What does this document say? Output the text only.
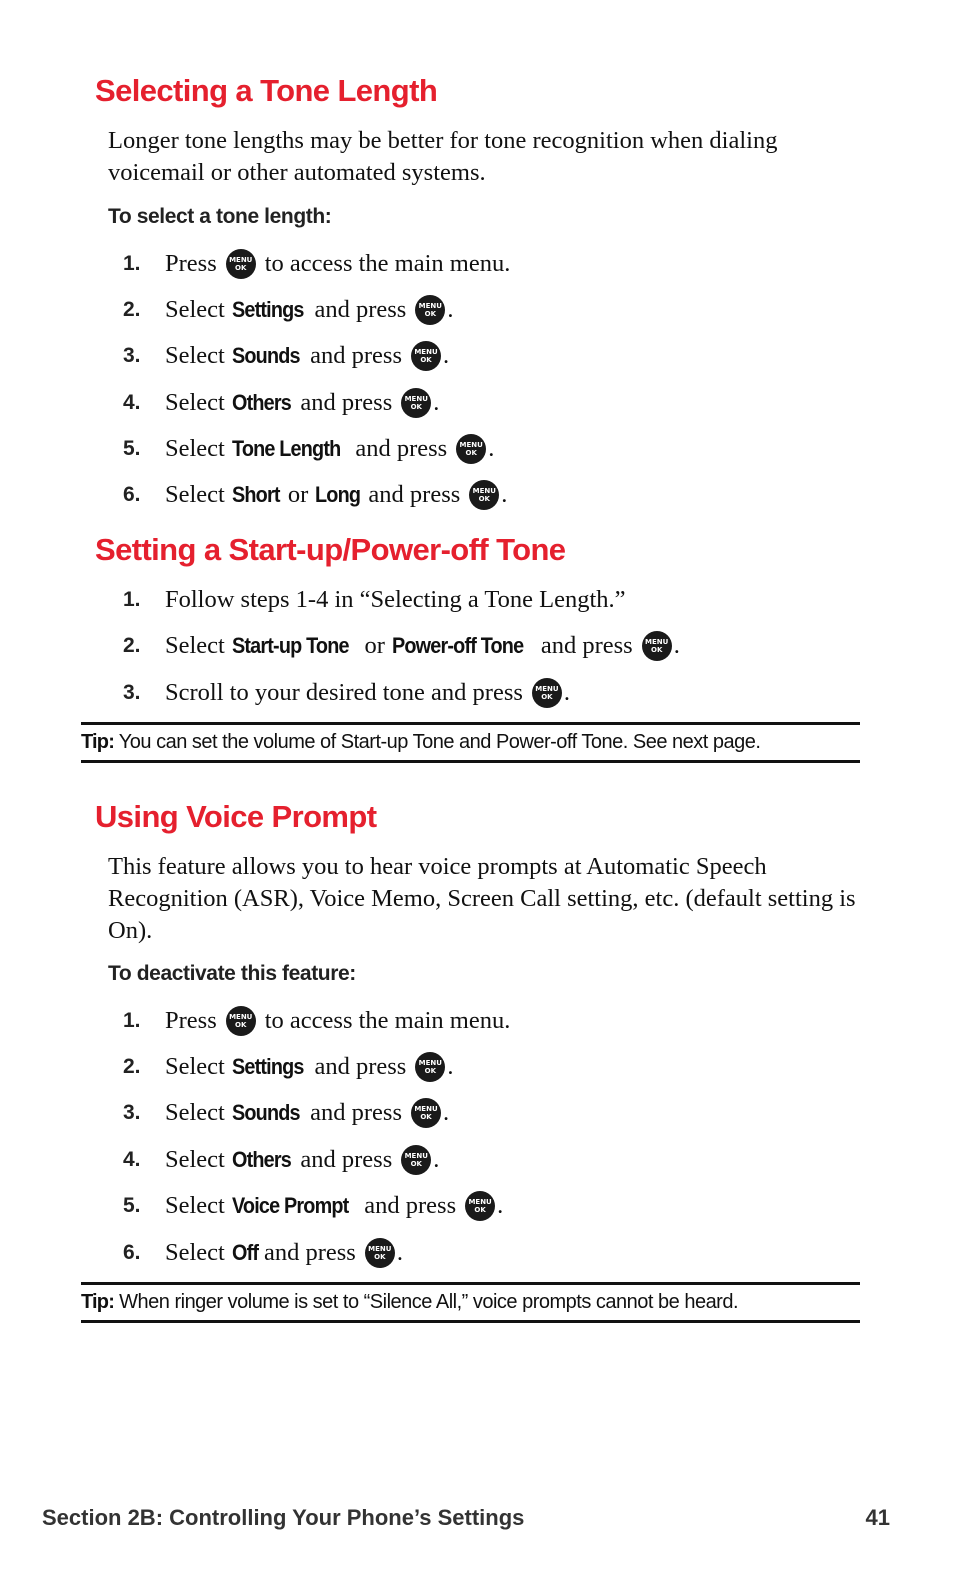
Selecting a Tone Length

Longer tone lengths may be better for tone recognition when dialing voicemail or other automated systems.

To select a tone length:

1. Press MENU
OK to access the main menu.
2. Select Settings and press MENU
OK .
3. Select Sounds and press MENU
OK .
4. Select Others and press MENU
OK .
5. Select Tone Length and press MENU
OK .
6. Select Short or Long and press MENU
OK .
Setting a Start-up/Power-off Tone
1. Follow steps 1-4 in “Selecting a Tone Length.”
2. Select Start-up Tone or Power-off Tone and press MENU
OK .
3. Scroll to your desired tone and press MENU
OK .
Tip: You can set the volume of Start-up Tone and Power-off Tone. See next page.
Using Voice Prompt

This feature allows you to hear voice prompts at Automatic Speech Recognition (ASR), Voice Memo, Screen Call setting, etc. (default setting is On).

To deactivate this feature:

1. Press MENU
OK to access the main menu.
2. Select Settings and press MENU
OK .
3. Select Sounds and press MENU
OK .
4. Select Others and press MENU
OK .
5. Select Voice Prompt and press MENU
OK .
6. Select Off and press MENU
OK .
Tip: When ringer volume is set to “Silence All,” voice prompts cannot be heard.
Section 2B: Controlling Your Phone’s Settings	41
